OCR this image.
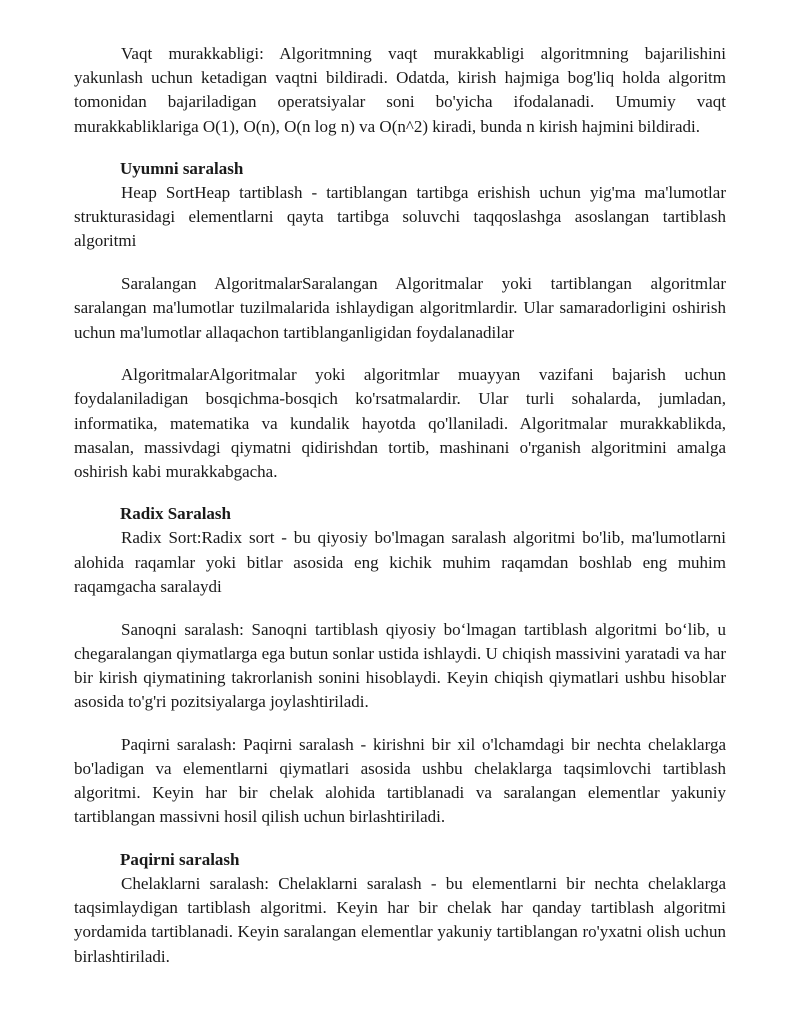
Vaqt murakkabligi: Algoritmning vaqt murakkabligi algoritmning bajarilishini yakunlash uchun ketadigan vaqtni bildiradi. Odatda, kirish hajmiga bog'liq holda algoritm tomonidan bajariladigan operatsiyalar soni bo'yicha ifodalanadi. Umumiy vaqt murakkabliklariga O(1), O(n), O(n log n) va O(n^2) kiradi, bunda n kirish hajmini bildiradi.

Uyumni saralash

Heap SortHeap tartiblash - tartiblangan tartibga erishish uchun yig'ma ma'lumotlar strukturasidagi elementlarni qayta tartibga soluvchi taqqoslashga asoslangan tartiblash algoritmi

Saralangan AlgoritmalarSaralangan Algoritmalar yoki tartiblangan algoritmlar saralangan ma'lumotlar tuzilmalarida ishlaydigan algoritmlardir. Ular samaradorligini oshirish uchun ma'lumotlar allaqachon tartiblanganligidan foydalanadilar

AlgoritmalarAlgoritmalar yoki algoritmlar muayyan vazifani bajarish uchun foydalaniladigan bosqichma-bosqich ko'rsatmalardir. Ular turli sohalarda, jumladan, informatika, matematika va kundalik hayotda qo'llaniladi. Algoritmalar murakkablikda, masalan, massivdagi qiymatni qidirishdan tortib, mashinani o'rganish algoritmini amalga oshirish kabi murakkabgacha.

Radix Saralash

Radix Sort:Radix sort - bu qiyosiy bo'lmagan saralash algoritmi bo'lib, ma'lumotlarni alohida raqamlar yoki bitlar asosida eng kichik muhim raqamdan boshlab eng muhim raqamgacha saralaydi

Sanoqni saralash: Sanoqni tartiblash qiyosiy boʻlmagan tartiblash algoritmi boʻlib, u chegaralangan qiymatlarga ega butun sonlar ustida ishlaydi. U chiqish massivini yaratadi va har bir kirish qiymatining takrorlanish sonini hisoblaydi. Keyin chiqish qiymatlari ushbu hisoblar asosida to'g'ri pozitsiyalarga joylashtiriladi.

Paqirni saralash: Paqirni saralash - kirishni bir xil o'lchamdagi bir nechta chelaklarga bo'ladigan va elementlarni qiymatlari asosida ushbu chelaklarga taqsimlovchi tartiblash algoritmi. Keyin har bir chelak alohida tartiblanadi va saralangan elementlar yakuniy tartiblangan massivni hosil qilish uchun birlashtiriladi.

Paqirni saralash

Chelaklarni saralash: Chelaklarni saralash - bu elementlarni bir nechta chelaklarga taqsimlaydigan tartiblash algoritmi. Keyin har bir chelak har qanday tartiblash algoritmi yordamida tartiblanadi. Keyin saralangan elementlar yakuniy tartiblangan ro'yxatni olish uchun birlashtiriladi.
